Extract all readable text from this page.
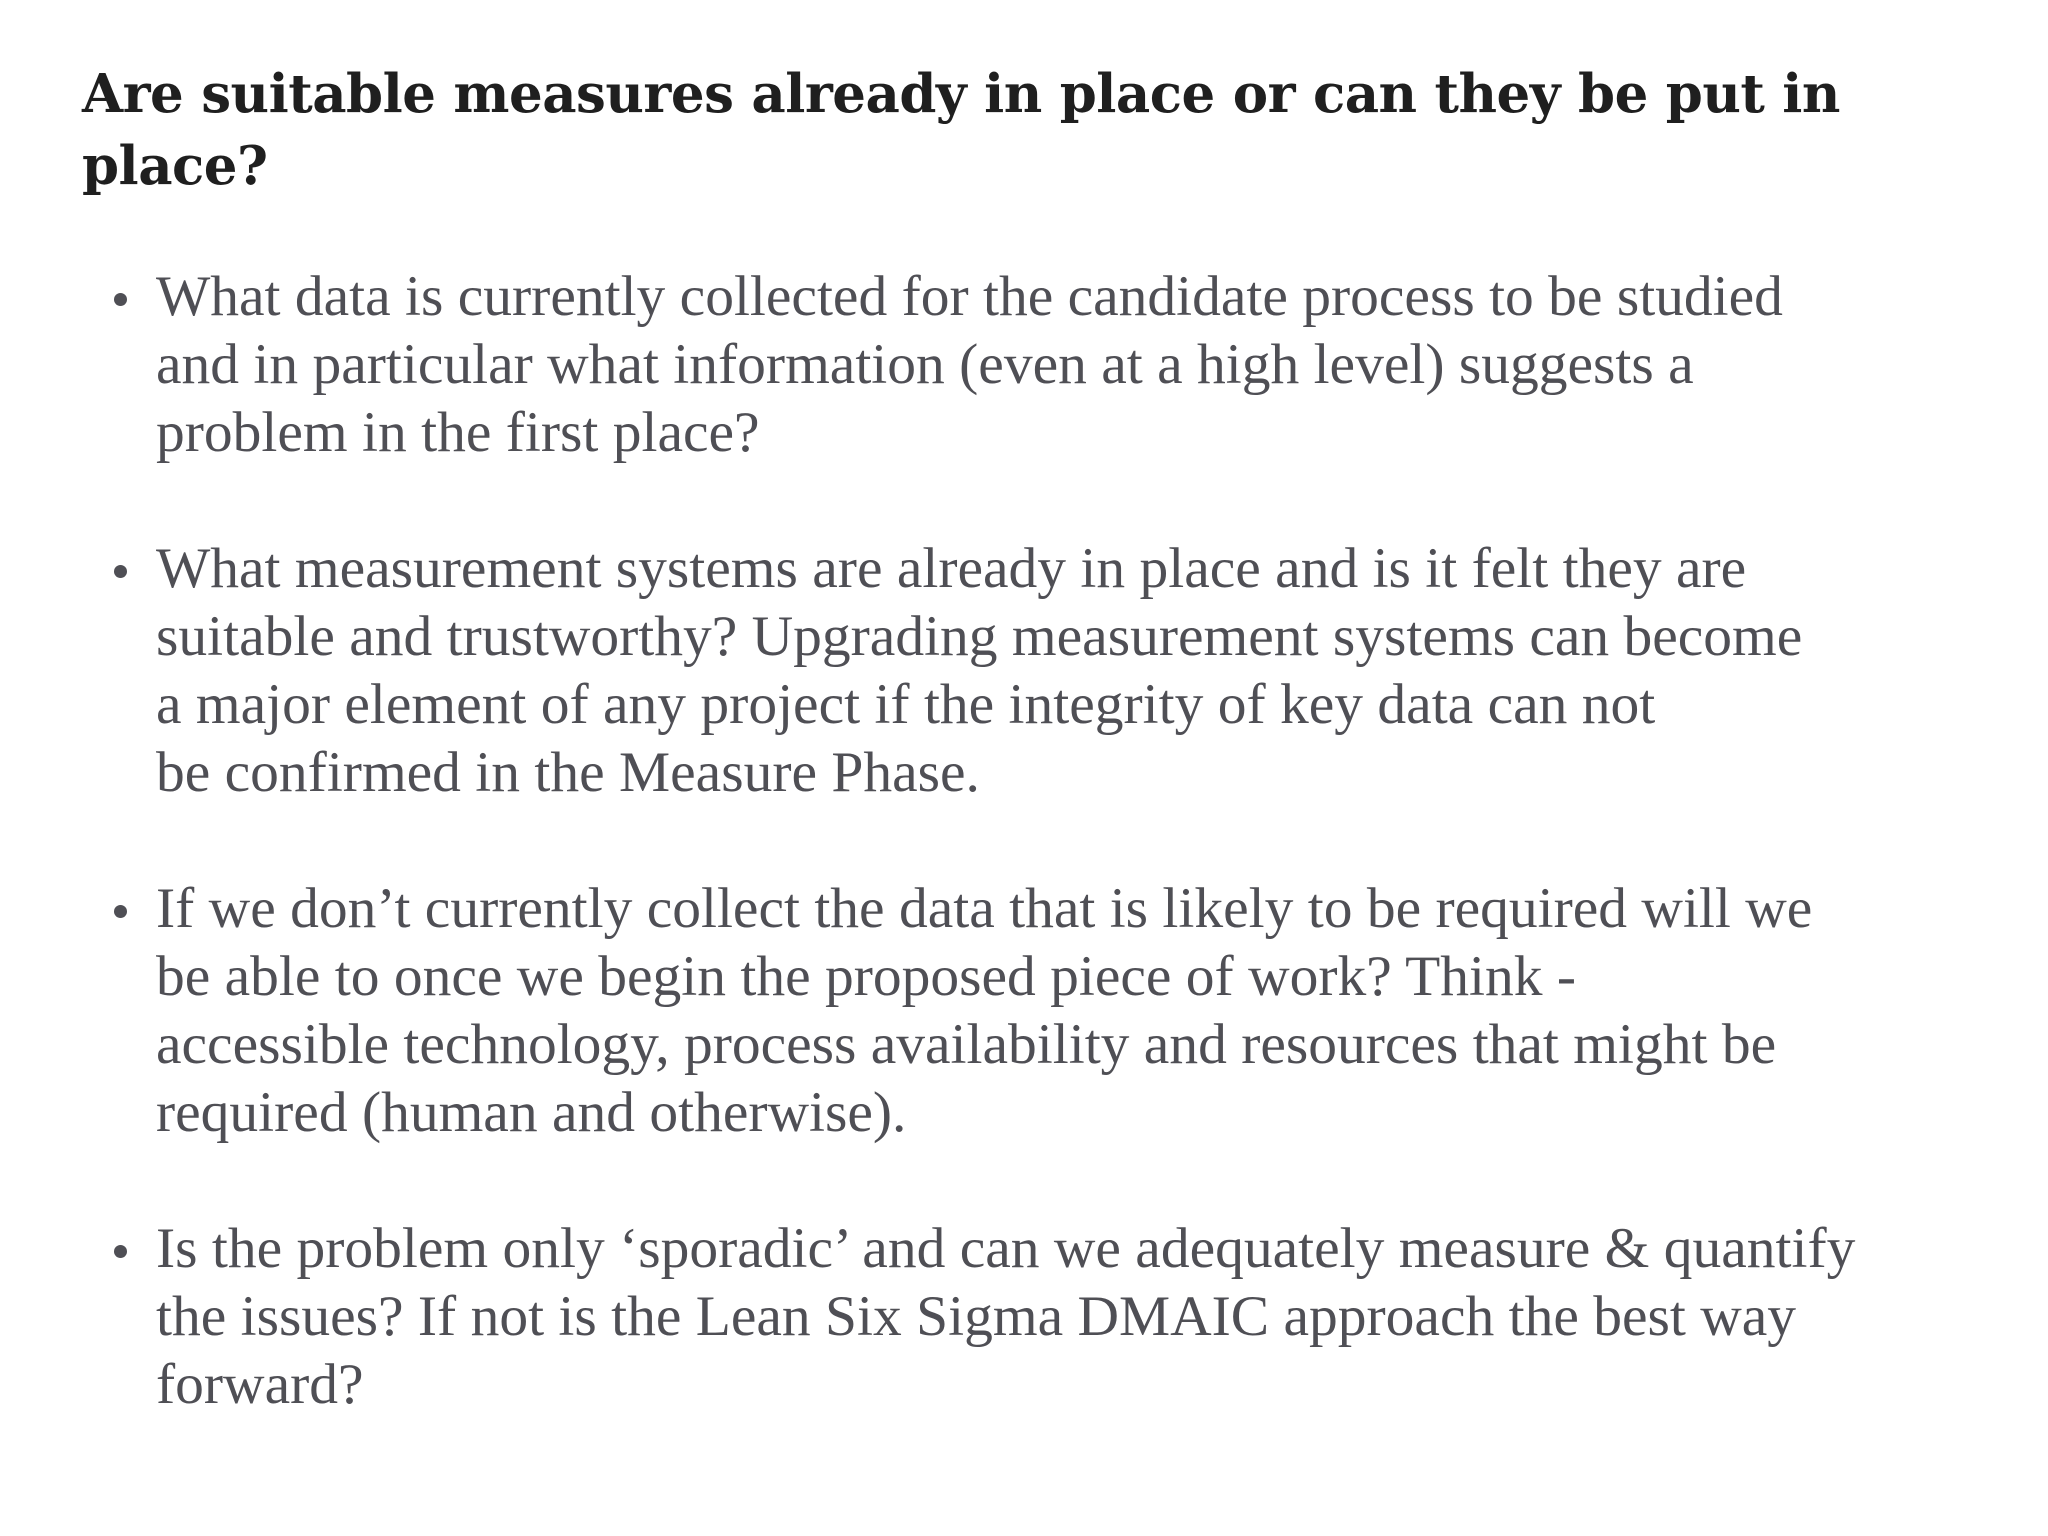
Are suitable measures already in place or can they be put in place?
What data is currently collected for the candidate process to be studied
and in particular what information (even at a high level) suggests a
problem in the first place?
What measurement systems are already in place and is it felt they are
suitable and trustworthy? Upgrading measurement systems can become
a major element of any project if the integrity of key data can not
be confirmed in the Measure Phase.
If we don’t currently collect the data that is likely to be required will we
be able to once we begin the proposed piece of work? Think -
accessible technology, process availability and resources that might be
required (human and otherwise).
Is the problem only ‘sporadic’ and can we adequately measure & quantify
the issues? If not is the Lean Six Sigma DMAIC approach the best way
forward?
